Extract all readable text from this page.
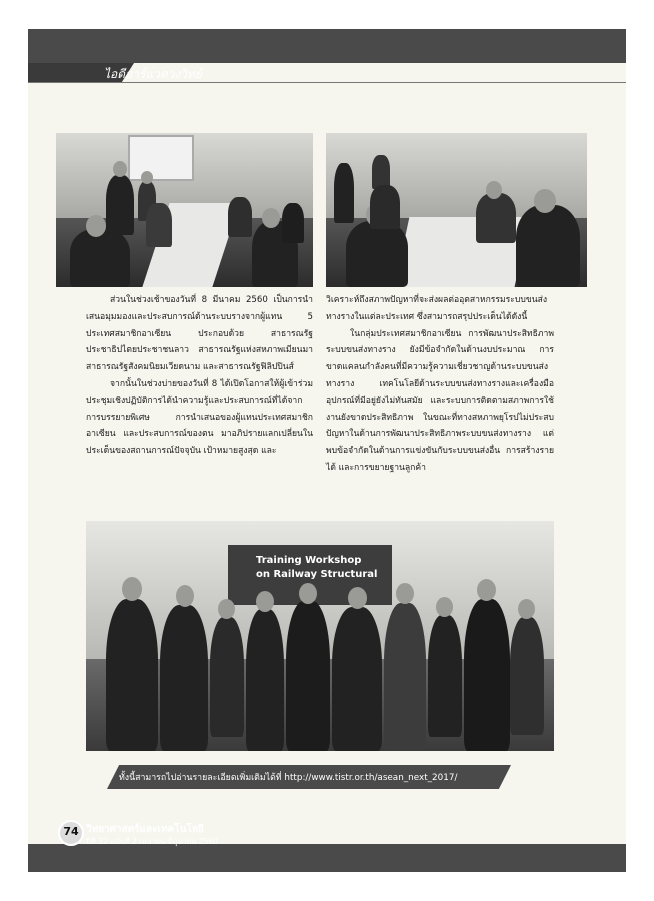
ไอดีอาร์แวดวงวิทย์

ส่วนในช่วงเช้าของวันที่ 8 มีนาคม 2560 เป็นการนำเสนอมุมมองและประสบการณ์ด้านระบบรางจากผู้แทน 5 ประเทศสมาชิกอาเซียน ประกอบด้วย สาธารณรัฐประชาธิปไตยประชาชนลาว สาธารณรัฐแห่งสหภาพเมียนมา สาธารณรัฐสังคมนิยมเวียดนาม และสาธารณรัฐฟิลิปปินส์

จากนั้นในช่วงบ่ายของวันที่ 8 ได้เปิดโอกาสให้ผู้เข้าร่วมประชุมเชิงปฏิบัติการได้นำความรู้และประสบการณ์ที่ได้จากการบรรยายพิเศษ การนำเสนอของผู้แทนประเทศสมาชิกอาเซียน และประสบการณ์ของตน มาอภิปรายแลกเปลี่ยนในประเด็นของสถานการณ์ปัจจุบัน เป้าหมายสูงสุด และ

วิเคราะห์ถึงสภาพปัญหาที่จะส่งผลต่ออุตสาหกรรมระบบขนส่งทางรางในแต่ละประเทศ ซึ่งสามารถสรุปประเด็นได้ดังนี้

ในกลุ่มประเทศสมาชิกอาเซียน การพัฒนาประสิทธิภาพระบบขนส่งทางราง ยังมีข้อจำกัดในด้านงบประมาณ การขาดแคลนกำลังคนที่มีความรู้ความเชี่ยวชาญด้านระบบขนส่งทางราง เทคโนโลยีด้านระบบขนส่งทางรางและเครื่องมืออุปกรณ์ที่มีอยู่ยังไม่ทันสมัย และระบบการติดตามสภาพการใช้งานยังขาดประสิทธิภาพ ในขณะที่ทางสหภาพยุโรปไม่ประสบปัญหาในด้านการพัฒนาประสิทธิภาพระบบขนส่งทางราง แต่พบข้อจำกัดในด้านการแข่งขันกับระบบขนส่งอื่น การสร้างรายได้ และการขยายฐานลูกค้า

Training Workshop
on Railway Structural
ทั้งนี้สามารถไปอ่านรายละเอียดเพิ่มเติมได้ที่ http://www.tistr.or.th/asean_next_2017/
74 วิทยาศาสตร์และเทคโนโลยี
ปีที่ 32 ฉบับที่ 2 เมษายน-มิถุนายน 2560
